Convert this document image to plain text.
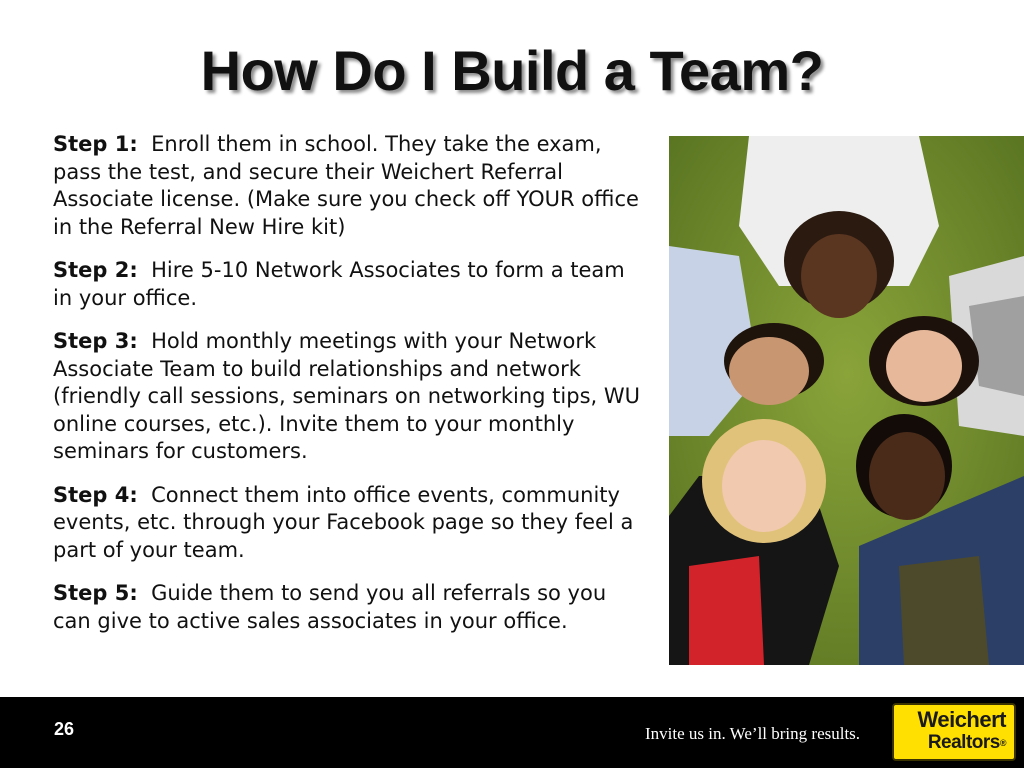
How Do I Build a Team?

Step 1: Enroll them in school. They take the exam, pass the test, and secure their Weichert Referral Associate license. (Make sure you check off YOUR office in the Referral New Hire kit)

Step 2: Hire 5-10 Network Associates to form a team in your office.

Step 3: Hold monthly meetings with your Network Associate Team to build relationships and network (friendly call sessions, seminars on networking tips, WU online courses, etc.). Invite them to your monthly seminars for customers.

Step 4: Connect them into office events, community events, etc. through your Facebook page so they feel a part of your team.

Step 5: Guide them to send you all referrals so you can give to active sales associates in your office.

26	Invite us in. We’ll bring results.
Weichert
Realtors®
